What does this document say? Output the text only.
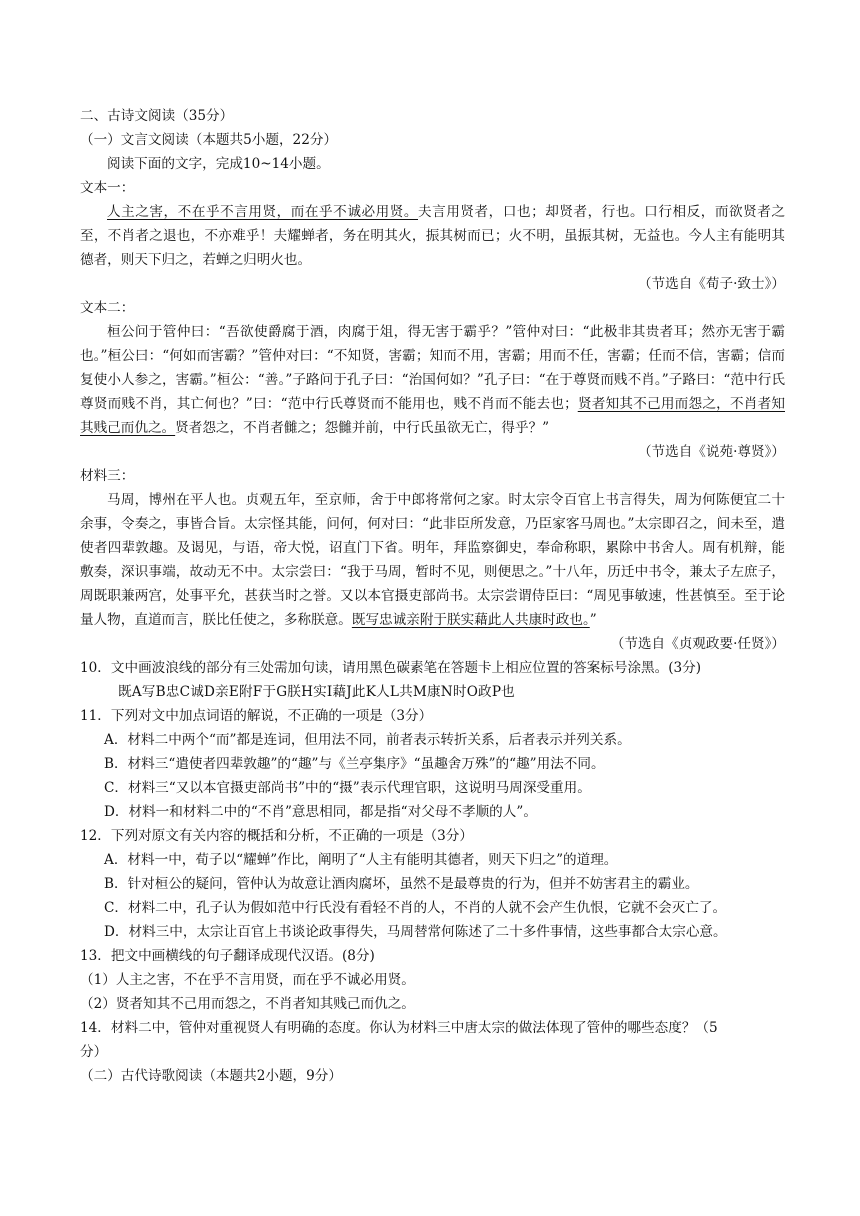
二、古诗文阅读（35分）
（一）文言文阅读（本题共5小题，22分）
阅读下面的文字，完成10~14小题。
文本一：
人主之害，不在乎不言用贤，而在乎不诚必用贤。夫言用贤者，口也；却贤者，行也。口行相反，而欲贤者之至，不肖者之退也，不亦难乎！夫耀蝉者，务在明其火，振其树而已；火不明，虽振其树，无益也。今人主有能明其德者，则天下归之，若蝉之归明火也。
（节选自《荀子·致士》）
文本二：
桓公问于管仲曰：“吾欲使爵腐于酒，肉腐于俎，得无害于霸乎？”管仲对曰：“此极非其贵者耳；然亦无害于霸也。”桓公曰：“何如而害霸？”管仲对曰：“不知贤，害霸；知而不用，害霸；用而不任，害霸；任而不信，害霸；信而复使小人参之，害霸。”桓公：“善。”子路问于孔子曰：“治国何如？”孔子曰：“在于尊贤而贱不肖。”子路曰：“范中行氏尊贤而贱不肖，其亡何也？”曰：“范中行氏尊贤而不能用也，贱不肖而不能去也；贤者知其不己用而怨之，不肖者知其贱己而仇之。贤者怨之，不肖者雠之；怨雠并前，中行氏虽欲无亡，得乎？”
（节选自《说苑·尊贤》）
材料三：
马周，博州在平人也。贞观五年，至京师，舍于中郎将常何之家。时太宗令百官上书言得失，周为何陈便宜二十余事，令奏之，事皆合旨。太宗怪其能，问何，何对曰：“此非臣所发意，乃臣家客马周也。”太宗即召之，间未至，遣使者四辈敦趣。及谒见，与语，帝大悦，诏直门下省。明年，拜监察御史，奉命称职，累除中书舍人。周有机辩，能敷奏，深识事端，故动无不中。太宗尝曰：“我于马周，暂时不见，则便思之。”十八年，历迁中书令，兼太子左庶子，周既职兼两宫，处事平允，甚获当时之誉。又以本官摄吏部尚书。太宗尝谓侍臣曰：“周见事敏速，性甚慎至。至于论量人物，直道而言，朕比任使之，多称朕意。既写忠诚亲附于朕实藉此人共康时政也。”
（节选自《贞观政要·任贤》）
10．文中画波浪线的部分有三处需加句读，请用黑色碳素笔在答题卡上相应位置的答案标号涂黑。(3分)
既A写B忠C诚D亲E附F于G朕H实I藉J此K人L共M康N时O政P也
11．下列对文中加点词语的解说，不正确的一项是（3分）
A．材料二中两个“而”都是连词，但用法不同，前者表示转折关系，后者表示并列关系。
B．材料三“遣使者四辈敦趣”的“趣”与《兰亭集序》“虽趣舍万殊”的“趣”用法不同。
C．材料三“又以本官摄吏部尚书”中的“摄”表示代理官职，这说明马周深受重用。
D．材料一和材料二中的“不肖”意思相同，都是指“对父母不孝顺的人”。
12．下列对原文有关内容的概括和分析，不正确的一项是（3分）
A．材料一中，荀子以“耀蝉”作比，阐明了“人主有能明其德者，则天下归之”的道理。
B．针对桓公的疑问，管仲认为故意让酒肉腐坏，虽然不是最尊贵的行为，但并不妨害君主的霸业。
C．材料二中，孔子认为假如范中行氏没有看轻不肖的人，不肖的人就不会产生仇恨，它就不会灭亡了。
D．材料三中，太宗让百官上书谈论政事得失，马周替常何陈述了二十多件事情，这些事都合太宗心意。
13．把文中画横线的句子翻译成现代汉语。(8分)
（1）人主之害，不在乎不言用贤，而在乎不诚必用贤。
（2）贤者知其不己用而怨之，不肖者知其贱己而仇之。
14．材料二中，管仲对重视贤人有明确的态度。你认为材料三中唐太宗的做法体现了管仲的哪些态度？（5
分）
（二）古代诗歌阅读（本题共2小题，9分）
